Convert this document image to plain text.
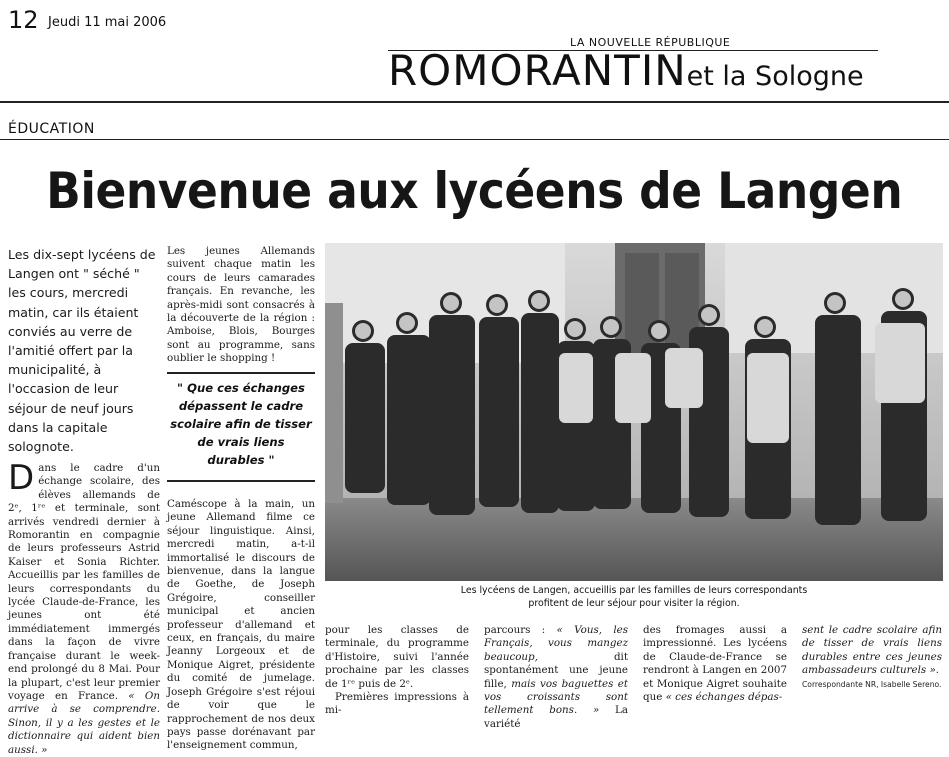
12 Jeudi 11 mai 2006
LA NOUVELLE RÉPUBLIQUE
ROMORANTINet la Sologne
ÉDUCATION
Bienvenue aux lycéens de Langen
Les dix-sept lycéens de Langen ont " séché " les cours, mercredi matin, car ils étaient conviés au verre de l'amitié offert par la municipalité, à l'occasion de leur séjour de neuf jours dans la capitale solognote.

Dans le cadre d'un échange scolaire, des élèves allemands de 2ᵉ, 1ʳᵉ et terminale, sont arrivés vendredi dernier à Romorantin en compagnie de leurs professeurs Astrid Kaiser et Sonia Richter. Accueillis par les familles de leurs correspondants du lycée Claude-de-France, les jeunes ont été immédiatement immergés dans la façon de vivre française durant le week-end prolongé du 8 Mai. Pour la plupart, c'est leur premier voyage en France. « On arrive à se comprendre. Sinon, il y a les gestes et le dictionnaire qui aident bien aussi. »

Les jeunes Allemands suivent chaque matin les cours de leurs camarades français. En revanche, les après-midi sont consacrés à la découverte de la région : Amboise, Blois, Bourges sont au programme, sans oublier le shopping !

" Que ces échanges dépassent le cadre scolaire afin de tisser de vrais liens durables "

Caméscope à la main, un jeune Allemand filme ce séjour linguistique. Ainsi, mercredi matin, a-t-il immortalisé le discours de bienvenue, dans la langue de Goethe, de Joseph Grégoire, conseiller municipal et ancien professeur d'allemand et ceux, en français, du maire Jeanny Lorgeoux et de Monique Aigret, présidente du comité de jumelage. Joseph Grégoire s'est réjoui de voir que le rapprochement de nos deux pays passe dorénavant par l'enseignement commun,

Les lycéens de Langen, accueillis par les familles de leurs correspondants
profitent de leur séjour pour visiter la région.

pour les classes de terminale, du programme d'Histoire, suivi l'année prochaine par les classes de 1ʳᵉ puis de 2ᵉ.

Premières impressions à mi-

parcours : « Vous, les Français, vous mangez beaucoup,	dit spontanément une jeune fille, mais vos baguettes et vos croissants sont tellement bons. » La variété

des fromages aussi a impressionné. Les lycéens de Claude-de-France se rendront à Langen en 2007 et Monique Aigret souhaite que « ces échanges dépas-

sent le cadre scolaire afin de tisser de vrais liens durables entre ces jeunes ambassadeurs culturels ».

Correspondante NR, Isabelle Sereno.
